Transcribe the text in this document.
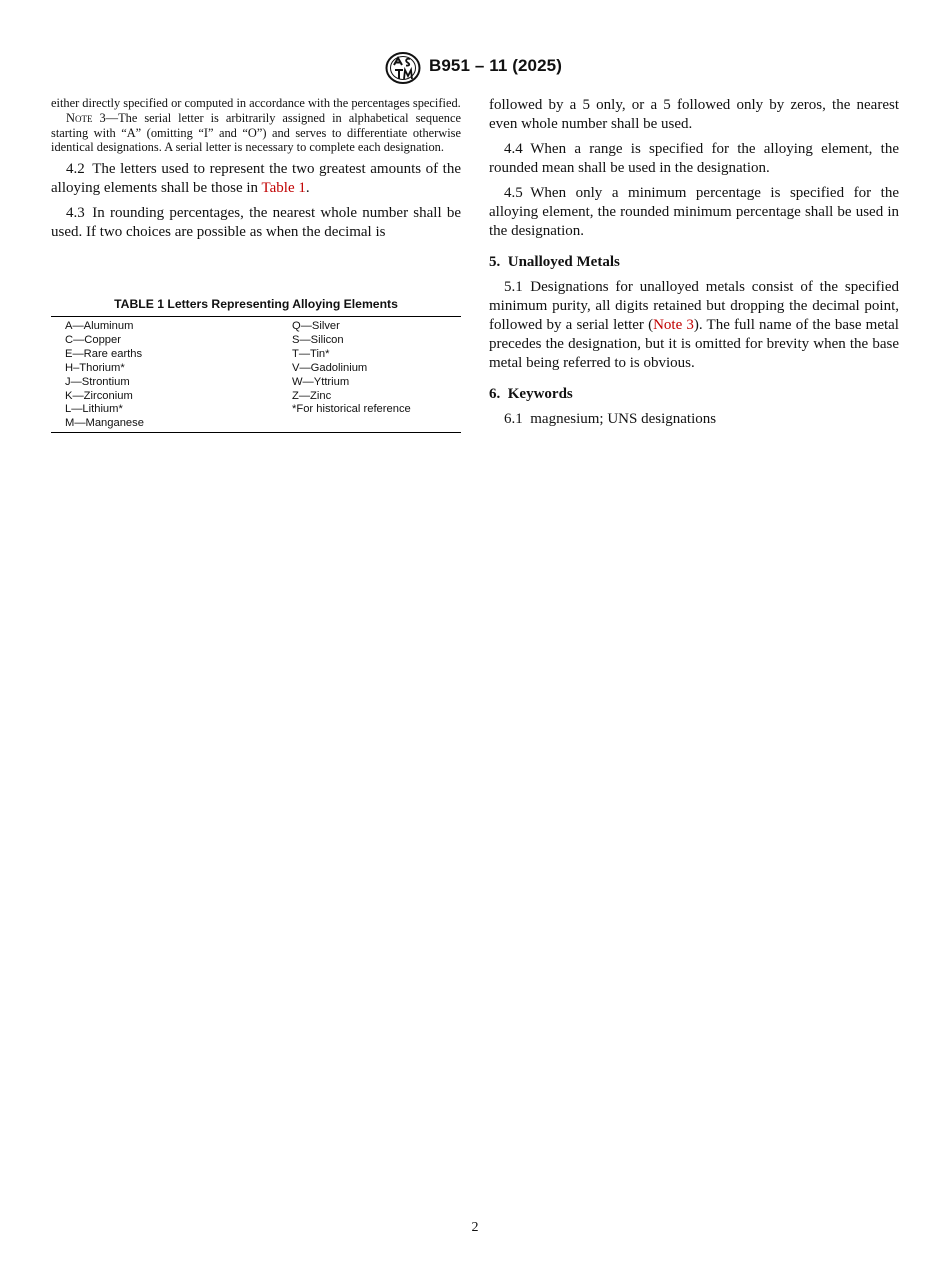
B951 – 11 (2025)

either directly specified or computed in accordance with the percentages specified.

Note 3—The serial letter is arbitrarily assigned in alphabetical sequence starting with “A” (omitting “I” and “O”) and serves to differentiate otherwise identical designations. A serial letter is necessary to complete each designation.

4.2 The letters used to represent the two greatest amounts of the alloying elements shall be those in Table 1.

4.3 In rounding percentages, the nearest whole number shall be used. If two choices are possible as when the decimal is

TABLE 1 Letters Representing Alloying Elements

A—Aluminum
C—Copper
E—Rare earths
H–Thorium*
J—Strontium
K—Zirconium
L—Lithium*
M—Manganese
Q—Silver
S—Silicon
T—Tin*
V—Gadolinium
W—Yttrium
Z—Zinc
*For historical reference

followed by a 5 only, or a 5 followed only by zeros, the nearest even whole number shall be used.

4.4 When a range is specified for the alloying element, the rounded mean shall be used in the designation.

4.5 When only a minimum percentage is specified for the alloying element, the rounded minimum percentage shall be used in the designation.

5. Unalloyed Metals

5.1 Designations for unalloyed metals consist of the specified minimum purity, all digits retained but dropping the decimal point, followed by a serial letter (Note 3). The full name of the base metal precedes the designation, but it is omitted for brevity when the base metal being referred to is obvious.

6. Keywords

6.1 magnesium; UNS designations

2
